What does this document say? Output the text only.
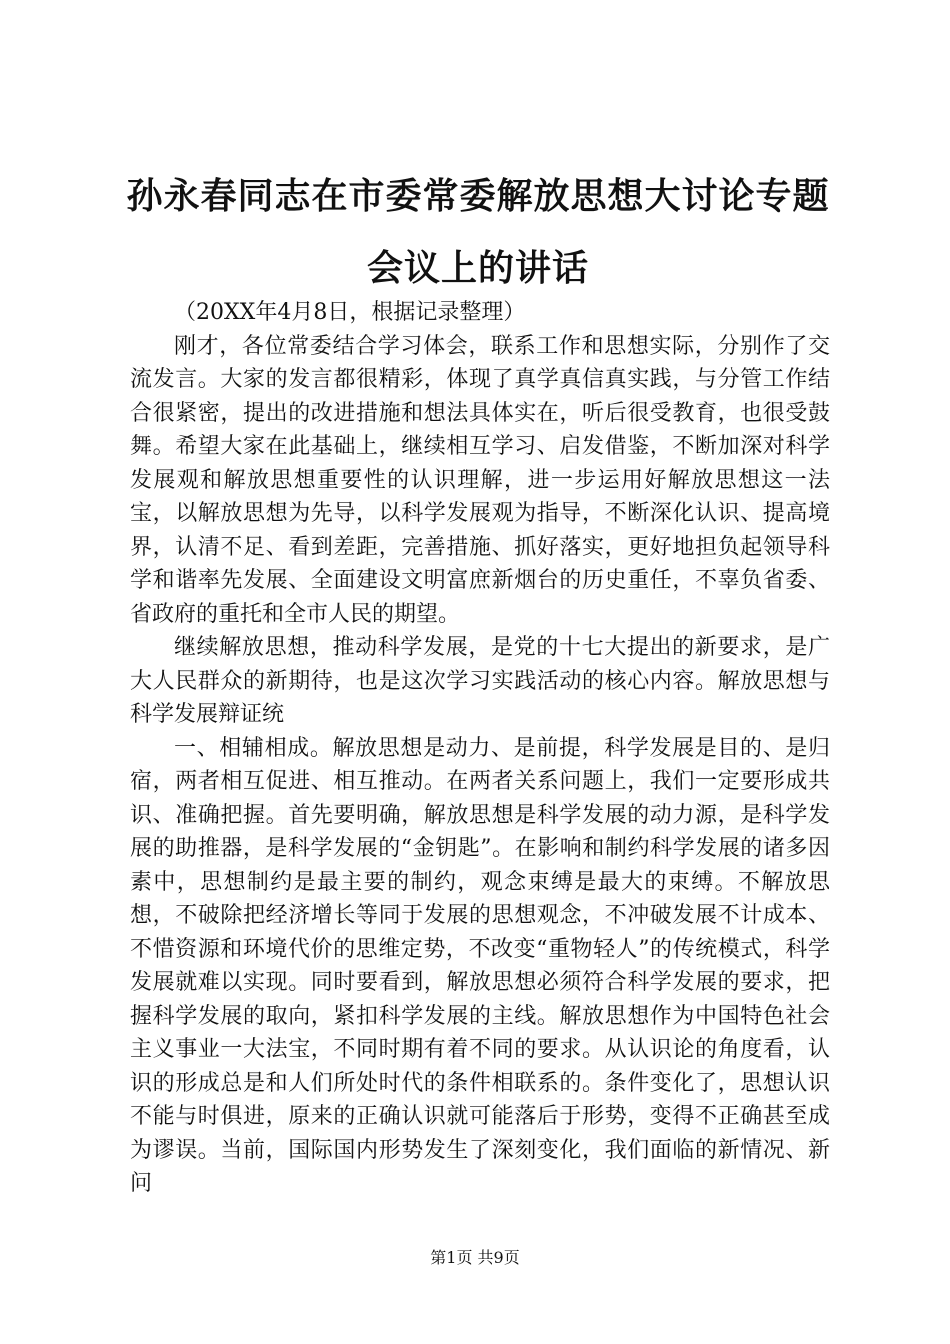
孙永春同志在市委常委解放思想大讨论专题会议上的讲话

（20XX年4月8日，根据记录整理）

刚才，各位常委结合学习体会，联系工作和思想实际，分别作了交流发言。大家的发言都很精彩，体现了真学真信真实践，与分管工作结合很紧密，提出的改进措施和想法具体实在，听后很受教育，也很受鼓舞。希望大家在此基础上，继续相互学习、启发借鉴，不断加深对科学发展观和解放思想重要性的认识理解，进一步运用好解放思想这一法宝，以解放思想为先导，以科学发展观为指导，不断深化认识、提高境界，认清不足、看到差距，完善措施、抓好落实，更好地担负起领导科学和谐率先发展、全面建设文明富庶新烟台的历史重任，不辜负省委、省政府的重托和全市人民的期望。

继续解放思想，推动科学发展，是党的十七大提出的新要求，是广大人民群众的新期待，也是这次学习实践活动的核心内容。解放思想与科学发展辩证统

一、相辅相成。解放思想是动力、是前提，科学发展是目的、是归宿，两者相互促进、相互推动。在两者关系问题上，我们一定要形成共识、准确把握。首先要明确，解放思想是科学发展的动力源，是科学发展的助推器，是科学发展的“金钥匙”。在影响和制约科学发展的诸多因素中，思想制约是最主要的制约，观念束缚是最大的束缚。不解放思想，不破除把经济增长等同于发展的思想观念，不冲破发展不计成本、不惜资源和环境代价的思维定势，不改变“重物轻人”的传统模式，科学发展就难以实现。同时要看到，解放思想必须符合科学发展的要求，把握科学发展的取向，紧扣科学发展的主线。解放思想作为中国特色社会主义事业一大法宝，不同时期有着不同的要求。从认识论的角度看，认识的形成总是和人们所处时代的条件相联系的。条件变化了，思想认识不能与时俱进，原来的正确认识就可能落后于形势，变得不正确甚至成为谬误。当前，国际国内形势发生了深刻变化，我们面临的新情况、新问

第1页 共9页
